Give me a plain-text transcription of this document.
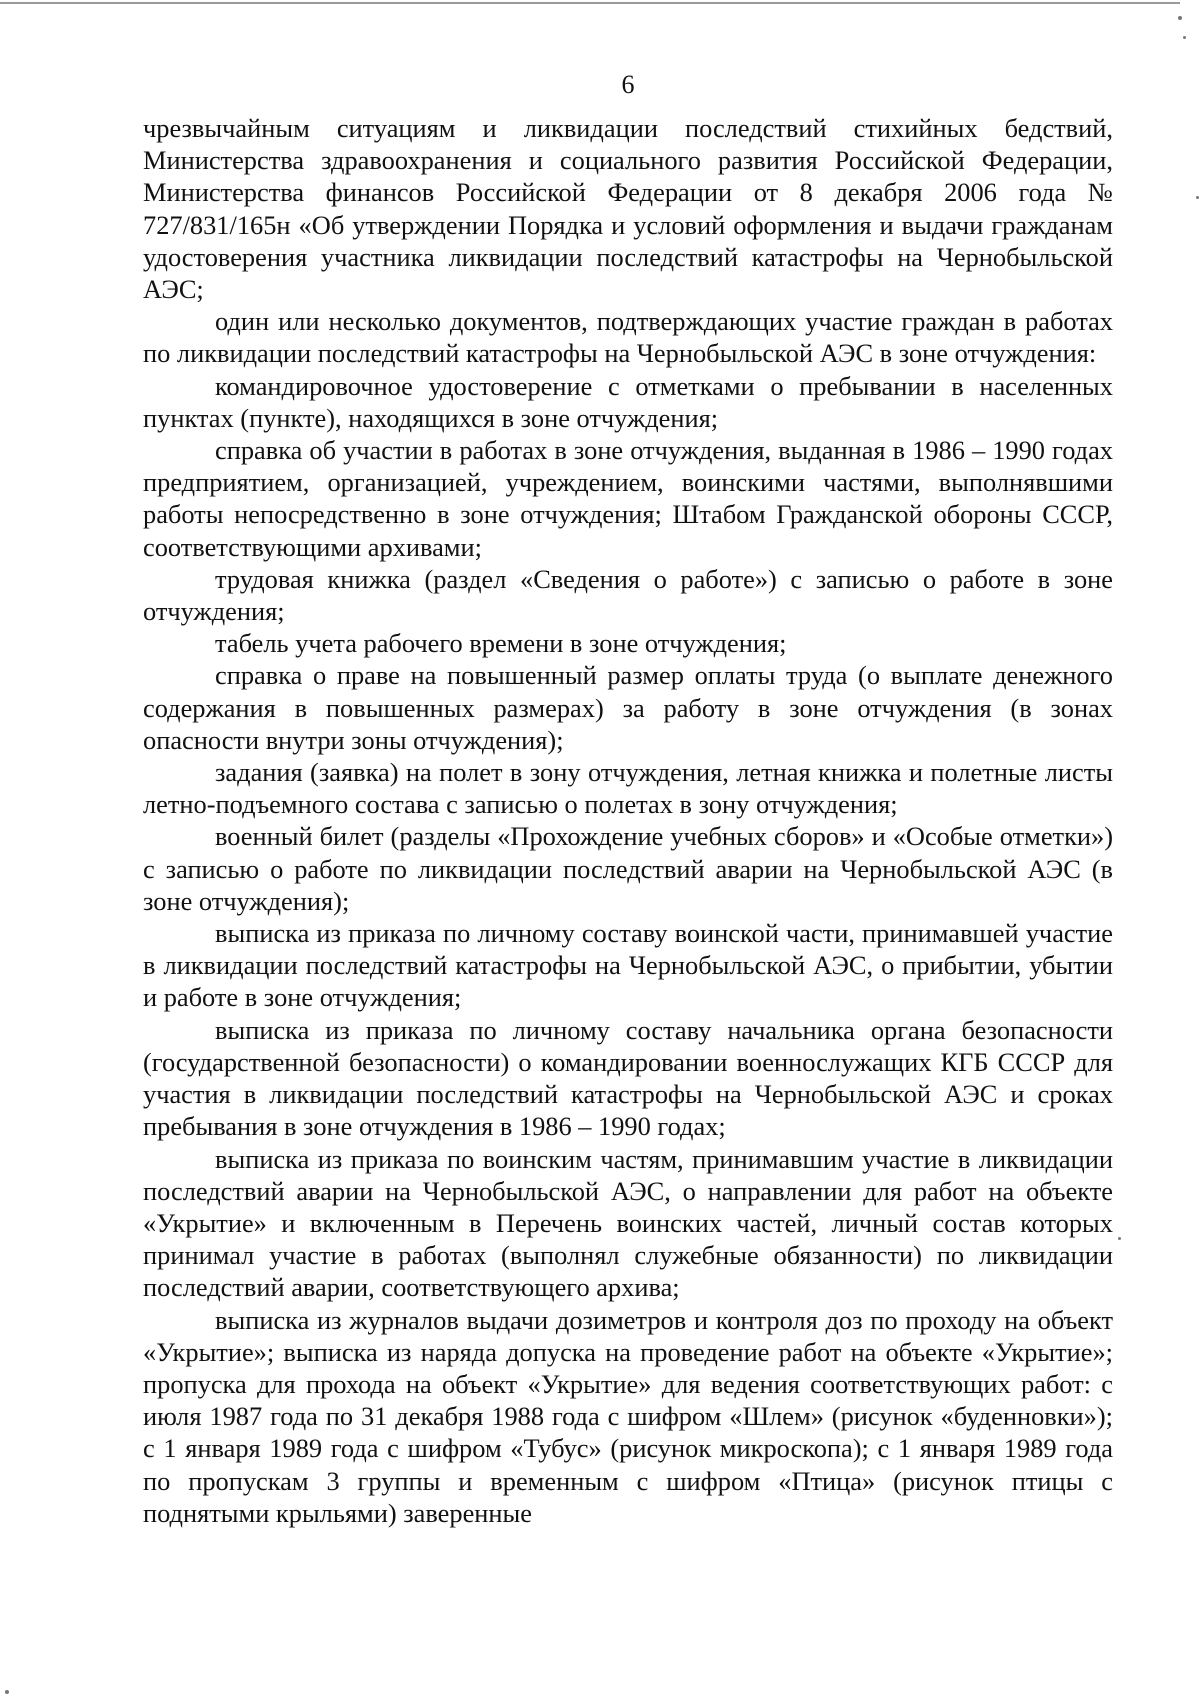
6

чрезвычайным ситуациям и ликвидации последствий стихийных бедствий, Министерства здравоохранения и социального развития Российской Федерации, Министерства финансов Российской Федерации от 8 декабря 2006 года № 727/831/165н «Об утверждении Порядка и условий оформления и выдачи гражданам удостоверения участника ликвидации последствий катастрофы на Чернобыльской АЭС;

один или несколько документов, подтверждающих участие граждан в работах по ликвидации последствий катастрофы на Чернобыльской АЭС в зоне отчуждения:

командировочное удостоверение с отметками о пребывании в населенных пунктах (пункте), находящихся в зоне отчуждения;

справка об участии в работах в зоне отчуждения, выданная в 1986 – 1990 годах предприятием, организацией, учреждением, воинскими частями, выполнявшими работы непосредственно в зоне отчуждения; Штабом Гражданской обороны СССР, соответствующими архивами;

трудовая книжка (раздел «Сведения о работе») с записью о работе в зоне отчуждения;

табель учета рабочего времени в зоне отчуждения;

справка о праве на повышенный размер оплаты труда (о выплате денежного содержания в повышенных размерах) за работу в зоне отчуждения (в зонах опасности внутри зоны отчуждения);

задания (заявка) на полет в зону отчуждения, летная книжка и полетные листы летно-подъемного состава с записью о полетах в зону отчуждения;

военный билет (разделы «Прохождение учебных сборов» и «Особые отметки») с записью о работе по ликвидации последствий аварии на Чернобыльской АЭС (в зоне отчуждения);

выписка из приказа по личному составу воинской части, принимавшей участие в ликвидации последствий катастрофы на Чернобыльской АЭС, о прибытии, убытии и работе в зоне отчуждения;

выписка из приказа по личному составу начальника органа безопасности (государственной безопасности) о командировании военнослужащих КГБ СССР для участия в ликвидации последствий катастрофы на Чернобыльской АЭС и сроках пребывания в зоне отчуждения в 1986 – 1990 годах;

выписка из приказа по воинским частям, принимавшим участие в ликвидации последствий аварии на Чернобыльской АЭС, о направлении для работ на объекте «Укрытие» и включенным в Перечень воинских частей, личный состав которых принимал участие в работах (выполнял служебные обязанности) по ликвидации последствий аварии, соответствующего архива;

выписка из журналов выдачи дозиметров и контроля доз по проходу на объект «Укрытие»; выписка из наряда допуска на проведение работ на объекте «Укрытие»; пропуска для прохода на объект «Укрытие» для ведения соответствующих работ: с июля 1987 года по 31 декабря 1988 года с шифром «Шлем» (рисунок «буденновки»); с 1 января 1989 года с шифром «Тубус» (рисунок микроскопа); с 1 января 1989 года по пропускам 3 группы и временным с шифром «Птица» (рисунок птицы с поднятыми крыльями) заверенные
